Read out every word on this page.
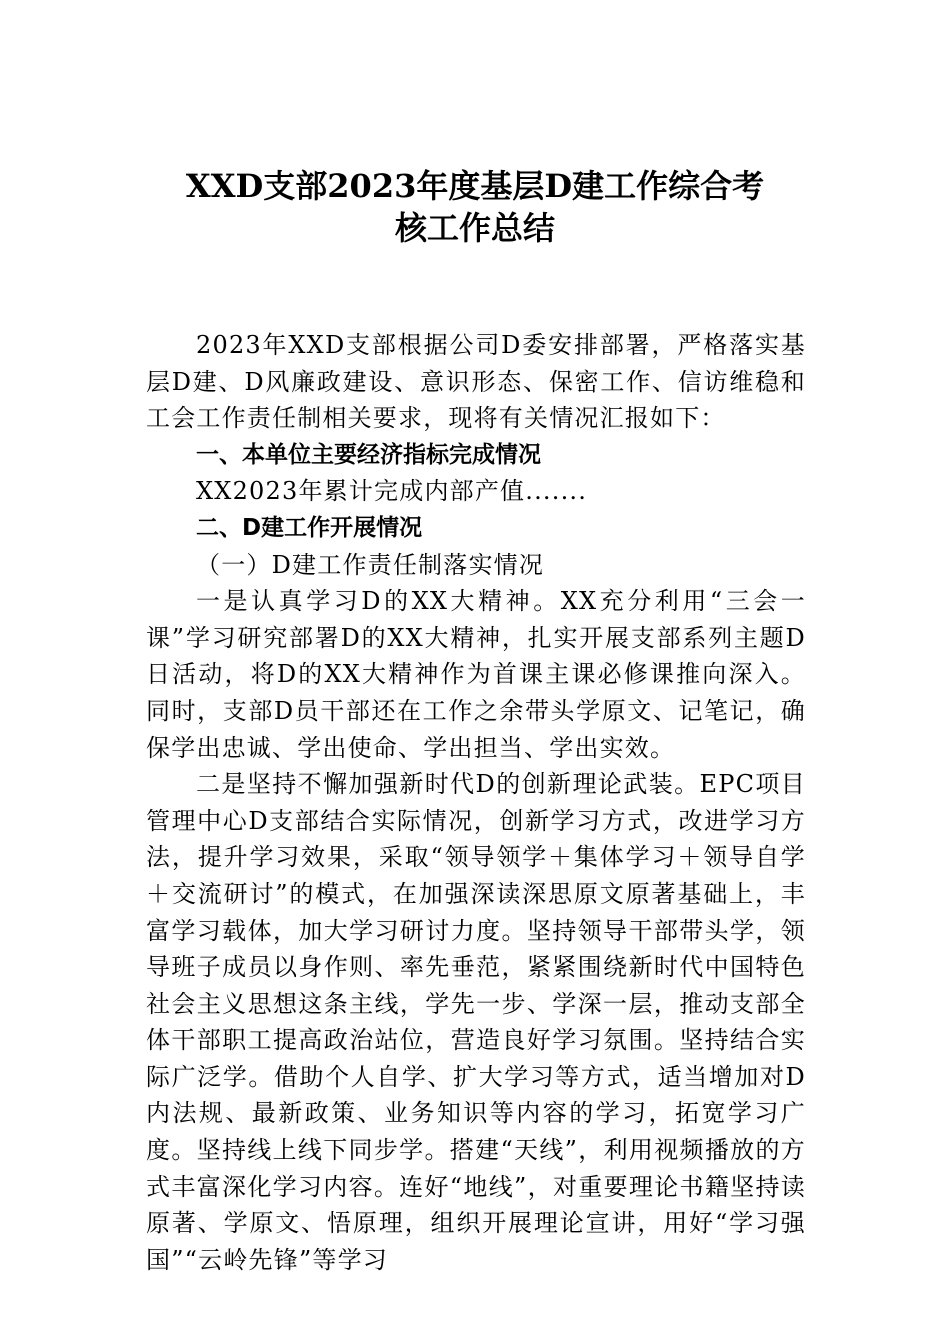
XXD支部2023年度基层D建工作综合考
核工作总结

2023年XXD支部根据公司D委安排部署，严格落实基层D建、D风廉政建设、意识形态、保密工作、信访维稳和工会工作责任制相关要求，现将有关情况汇报如下：

一、本单位主要经济指标完成情况

XX2023年累计完成内部产值.......

二、D建工作开展情况

（一）D建工作责任制落实情况

一是认真学习D的XX大精神。XX充分利用“三会一课”学习研究部署D的XX大精神，扎实开展支部系列主题D日活动，将D的XX大精神作为首课主课必修课推向深入。同时，支部D员干部还在工作之余带头学原文、记笔记，确保学出忠诚、学出使命、学出担当、学出实效。

二是坚持不懈加强新时代D的创新理论武装。EPC项目管理中心D支部结合实际情况，创新学习方式，改进学习方法，提升学习效果，采取“领导领学＋集体学习＋领导自学＋交流研讨”的模式，在加强深读深思原文原著基础上，丰富学习载体，加大学习研讨力度。坚持领导干部带头学，领导班子成员以身作则、率先垂范，紧紧围绕新时代中国特色社会主义思想这条主线，学先一步、学深一层，推动支部全体干部职工提高政治站位，营造良好学习氛围。坚持结合实际广泛学。借助个人自学、扩大学习等方式，适当增加对D内法规、最新政策、业务知识等内容的学习，拓宽学习广度。坚持线上线下同步学。搭建“天线”，利用视频播放的方式丰富深化学习内容。连好“地线”，对重要理论书籍坚持读原著、学原文、悟原理，组织开展理论宣讲，用好“学习强国”“云岭先锋”等学习
